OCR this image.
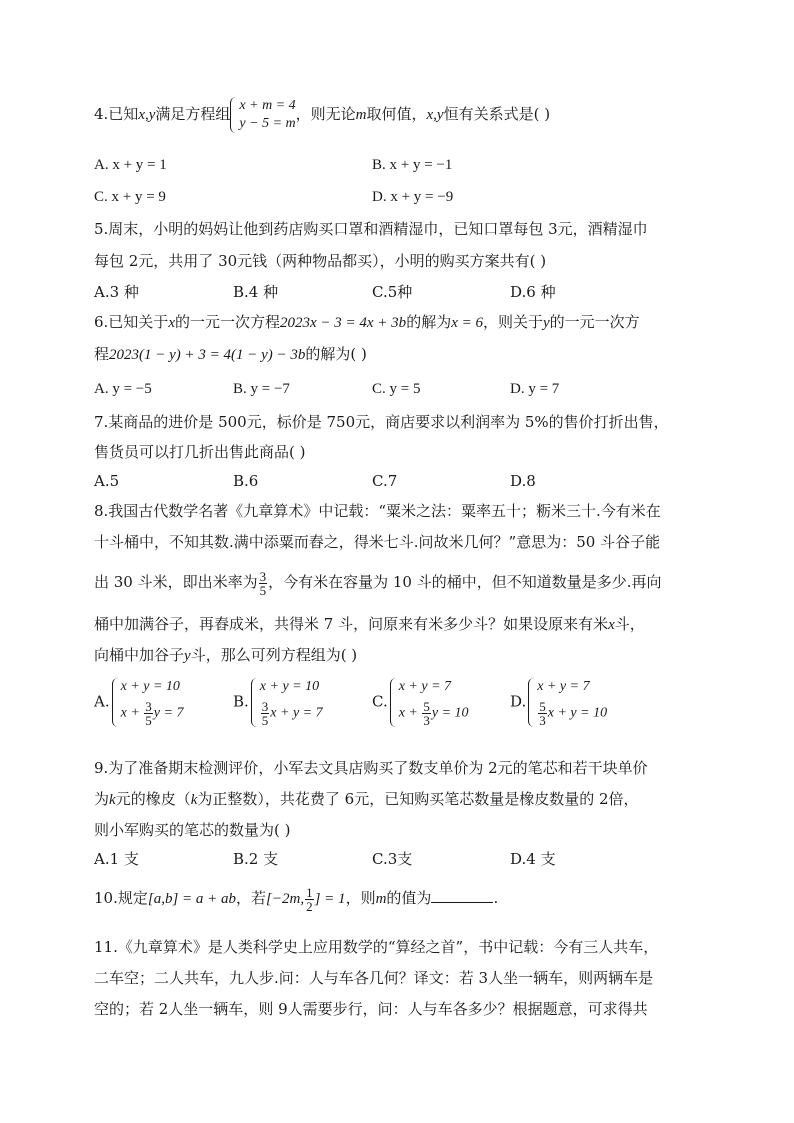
4.已知x,y满足方程组 x + m = 4
y − 5 = m
，则无论m取何值，x,y恒有关系式是( )
A. x + y = 1	B. x + y = −1
C. x + y = 9	D. x + y = −9
5.周末，小明的妈妈让他到药店购买口罩和酒精湿巾，已知口罩每包 3元，酒精湿巾
每包 2元，共用了 30元钱（两种物品都买），小明的购买方案共有( )
A.3 种	B.4 种	C.5种	D.6 种
6.已知关于x的一元一次方程2023x − 3 = 4x + 3b的解为x = 6，则关于y的一元一次方
程2023(1 − y) + 3 = 4(1 − y) − 3b的解为( )
A. y = −5	B. y = −7	C. y = 5	D. y = 7
7.某商品的进价是 500元，标价是 750元，商店要求以利润率为 5%的售价打折出售，
售货员可以打几折出售此商品( )
A.5	B.6	C.7	D.8
8.我国古代数学名著《九章算术》中记载：“粟米之法：粟率五十；粝米三十.今有米在
十斗桶中，不知其数.满中添粟而舂之，得米七斗.问故米几何？”意思为：50 斗谷子能
出 30 斗米，即出米率为 $\frac{3}{5}$ ，今有米在容量为 10 斗的桶中，但不知道数量是多少.再向
桶中加满谷子，再舂成米，共得米 7 斗，问原来有米多少斗？如果设原来有米x斗，
向桶中加谷子y斗，那么可列方程组为( )
A.
x + y = 10
$x + \frac{3}{5}$ y = 7
B.
x + y = 10
$\frac{3}{5}$ x + y = 7
C.
x + y = 7
$x + \frac{5}{3}$ y = 10
D.
x + y = 7
$\frac{5}{3}$ x + y = 10
9.为了准备期末检测评价，小军去文具店购买了数支单价为 2元的笔芯和若干块单价
为k元的橡皮（k为正整数），共花费了 6元，已知购买笔芯数量是橡皮数量的 2倍，
则小军购买的笔芯的数量为( )
A.1 支	B.2 支	C.3支	D.4 支
10.规定[a,b] = a + ab，若[−2m, $\frac{1}{2}$ ] = 1，则m的值为	.
11.《九章算术》是人类科学史上应用数学的“算经之首”，书中记载：今有三人共车，
二车空；二人共车，九人步.问：人与车各几何？译文：若 3人坐一辆车，则两辆车是
空的；若 2人坐一辆车，则 9人需要步行，问：人与车各多少？根据题意，可求得共
